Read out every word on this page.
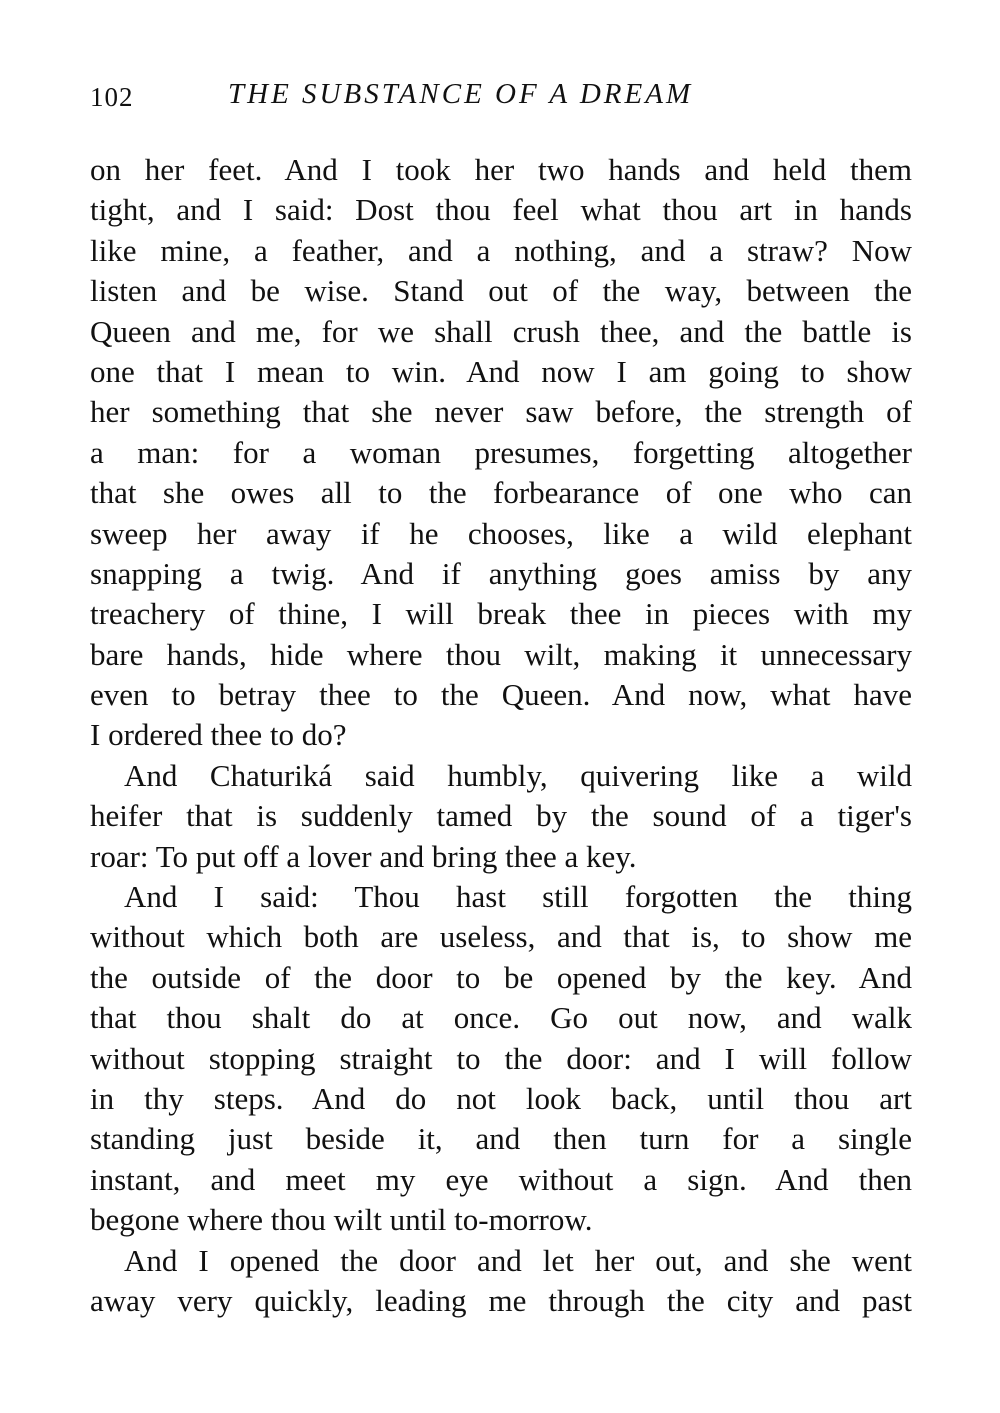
102	THE SUBSTANCE OF A DREAM
on her feet. And I took her two hands and held them
tight, and I said: Dost thou feel what thou art in hands
like mine, a feather, and a nothing, and a straw? Now
listen and be wise. Stand out of the way, between the
Queen and me, for we shall crush thee, and the battle is
one that I mean to win. And now I am going to show
her something that she never saw before, the strength of
a man: for a woman presumes, forgetting altogether
that she owes all to the forbearance of one who can
sweep her away if he chooses, like a wild elephant
snapping a twig. And if anything goes amiss by any
treachery of thine, I will break thee in pieces with my
bare hands, hide where thou wilt, making it unnecessary
even to betray thee to the Queen. And now, what have
I ordered thee to do?
And Chaturiká said humbly, quivering like a wild
heifer that is suddenly tamed by the sound of a tiger's
roar: To put off a lover and bring thee a key.
And I said: Thou hast still forgotten the thing
without which both are useless, and that is, to show me
the outside of the door to be opened by the key. And
that thou shalt do at once. Go out now, and walk
without stopping straight to the door: and I will follow
in thy steps. And do not look back, until thou art
standing just beside it, and then turn for a single
instant, and meet my eye without a sign. And then
begone where thou wilt until to-morrow.
And I opened the door and let her out, and she went
away very quickly, leading me through the city and past
